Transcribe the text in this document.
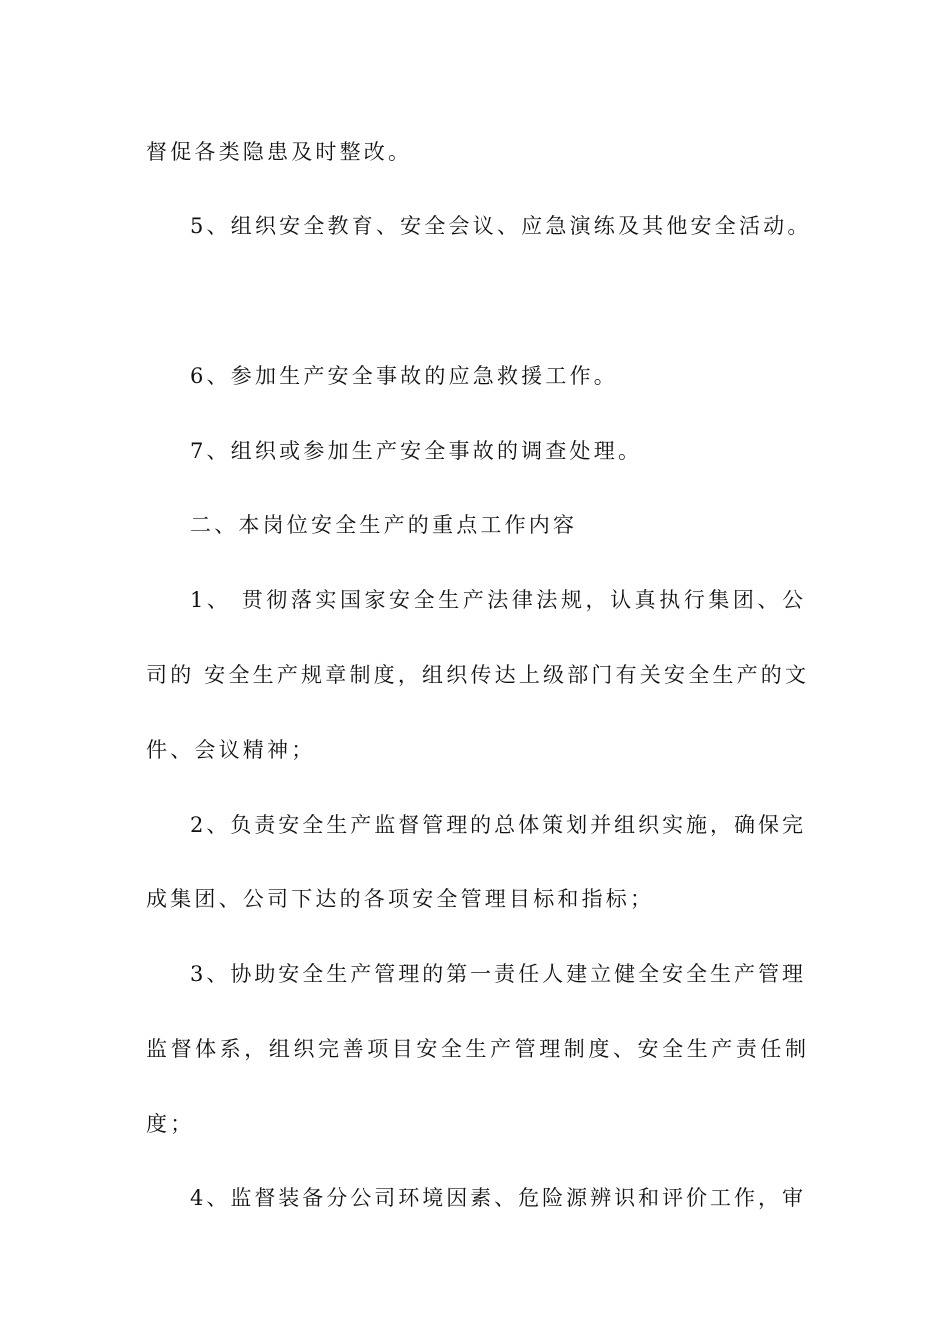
督促各类隐患及时整改。
5、组织安全教育、安全会议、应急演练及其他安全活动。
6、参加生产安全事故的应急救援工作。
7、组织或参加生产安全事故的调查处理。
二、本岗位安全生产的重点工作内容
1、 贯彻落实国家安全生产法律法规，认真执行集团、公
司的 安全生产规章制度，组织传达上级部门有关安全生产的文
件、会议精神；
2、负责安全生产监督管理的总体策划并组织实施，确保完
成集团、公司下达的各项安全管理目标和指标；
3、协助安全生产管理的第一责任人建立健全安全生产管理
监督体系，组织完善项目安全生产管理制度、安全生产责任制
度；
4、监督装备分公司环境因素、危险源辨识和评价工作，审
